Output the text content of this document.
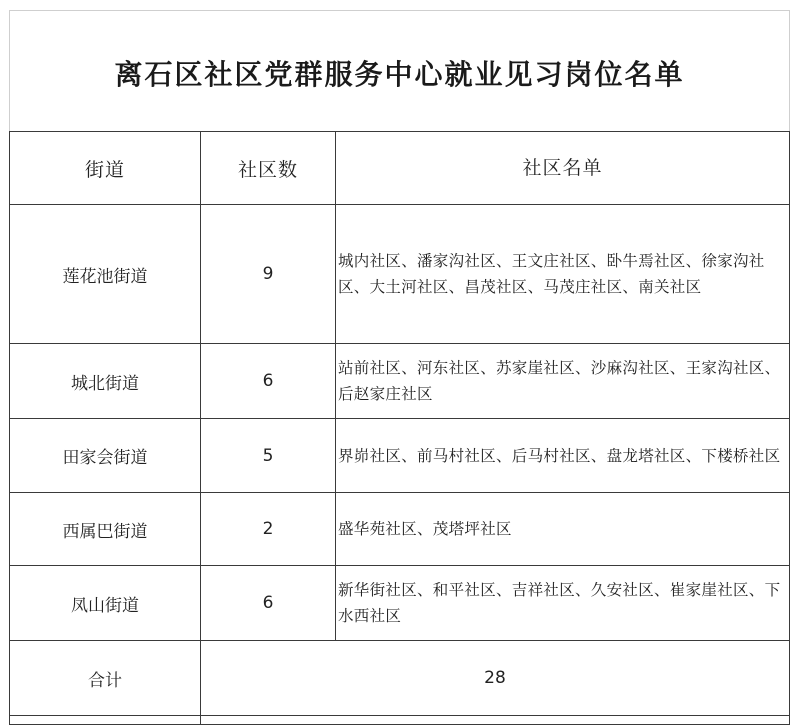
离石区社区党群服务中心就业见习岗位名单
街道	社区数	社区名单
莲花池街道	9	城内社区、潘家沟社区、王文庄社区、卧牛焉社区、徐家沟社区、大土河社区、昌茂社区、马茂庄社区、南关社区
城北街道	6	站前社区、河东社区、苏家崖社区、沙麻沟社区、王家沟社区、后赵家庄社区
田家会街道	5	界峁社区、前马村社区、后马村社区、盘龙塔社区、下楼桥社区
西属巴街道	2	盛华苑社区、茂塔坪社区
凤山街道	6	新华街社区、和平社区、吉祥社区、久安社区、崔家崖社区、下水西社区
合计	28	
